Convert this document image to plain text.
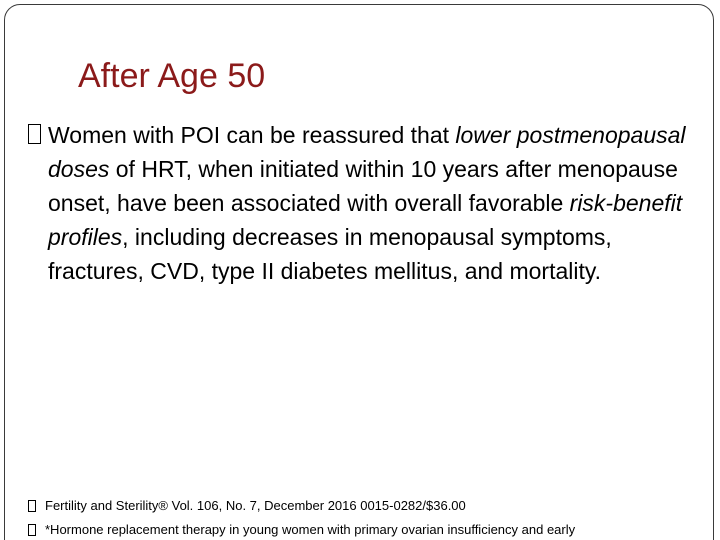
After Age 50
Women with POI can be reassured that lower postmenopausal doses of HRT, when initiated within 10 years after menopause onset, have been associated with overall favorable risk-benefit profiles, including decreases in menopausal symptoms, fractures, CVD, type II diabetes mellitus, and mortality.
Fertility and Sterility® Vol. 106, No. 7, December 2016 0015-0282/$36.00
*Hormone replacement therapy in young women with primary ovarian insufficiency and early
